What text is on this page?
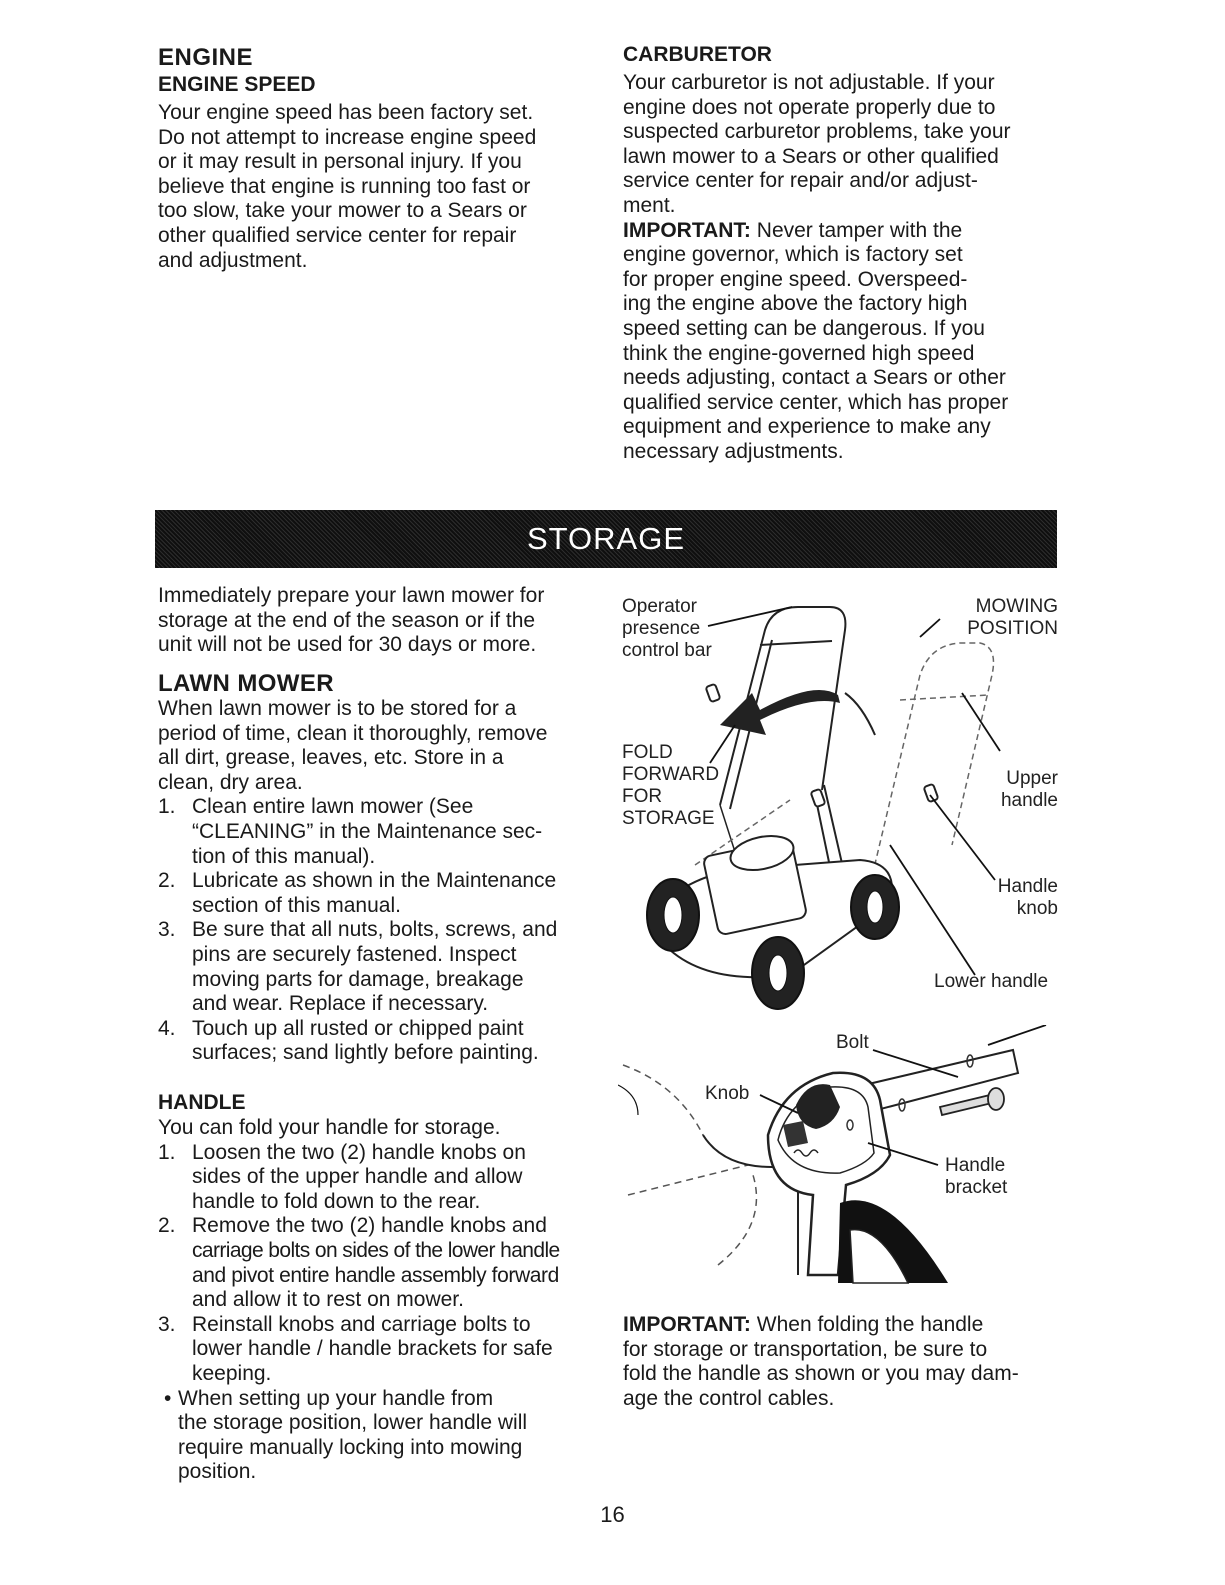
ENGINE
ENGINE SPEED
Your engine speed has been factory set.
Do not attempt to increase engine speed
or it may result in personal injury. If you
believe that engine is running too fast or
too slow, take your mower to a Sears or
other qualified service center for repair
and adjustment.
CARBURETOR
Your carburetor is not adjustable. If your
engine does not operate properly due to
suspected carburetor problems, take your
lawn mower to a Sears or other qualified
service center for repair and/or adjust-
ment.
IMPORTANT: Never tamper with the
engine governor, which is factory set
for proper engine speed. Overspeed-
ing the engine above the factory high
speed setting can be dangerous. If you
think the engine-governed high speed
needs adjusting, contact a Sears or other
qualified service center, which has proper
equipment and experience to make any
necessary adjustments.
STORAGE
Immediately prepare your lawn mower for
storage at the end of the season or if the
unit will not be used for 30 days or more.
LAWN MOWER
When lawn mower is to be stored for a
period of time, clean it thoroughly, remove
all dirt, grease, leaves, etc. Store in a
clean, dry area.
1. Clean entire lawn mower (See
“CLEANING” in the Maintenance sec-
tion of this manual).
2. Lubricate as shown in the Maintenance
section of this manual.
3. Be sure that all nuts, bolts, screws, and
pins are securely fastened. Inspect
moving parts for damage, breakage
and wear. Replace if necessary.
4. Touch up all rusted or chipped paint
surfaces; sand lightly before painting.
HANDLE
You can fold your handle for storage.
1. Loosen the two (2) handle knobs on
sides of the upper handle and allow
handle to fold down to the rear.
2. Remove the two (2) handle knobs and
carriage bolts on sides of the lower handle
and pivot entire handle assembly forward
and allow it to rest on mower.
3. Reinstall knobs and carriage bolts to
lower handle / handle brackets for safe
keeping.
• When setting up your handle from
the storage position, lower handle will
require manually locking into mowing
position.
Operator
presence
control bar
MOWING
POSITION
FOLD
FORWARD
FOR
STORAGE
Upper
handle
Handle
knob
Lower handle
Bolt
Knob
Handle
bracket
IMPORTANT: When folding the handle
for storage or transportation, be sure to
fold the handle as shown or you may dam-
age the control cables.
16
